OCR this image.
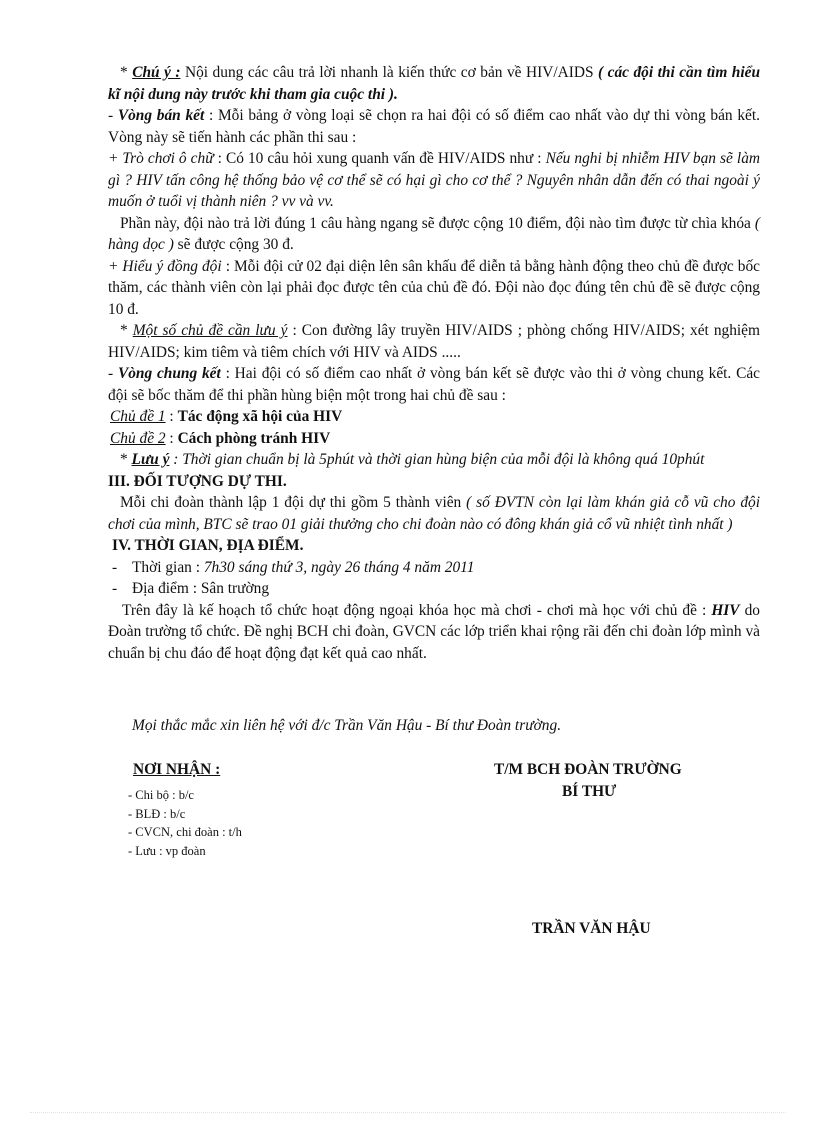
* Chú ý : Nội dung các câu trả lời nhanh là kiến thức cơ bản về HIV/AIDS ( các đội thi cần tìm hiểu kĩ nội dung này trước khi tham gia cuộc thi ).

- Vòng bán kết : Mỗi bảng ở vòng loại sẽ chọn ra hai đội có số điểm cao nhất vào dự thi vòng bán kết. Vòng này sẽ tiến hành các phần thi sau :

+ Trò chơi ô chữ : Có 10 câu hỏi xung quanh vấn đề HIV/AIDS như : Nếu nghi bị nhiễm HIV bạn sẽ làm gì ? HIV tấn công hệ thống bảo vệ cơ thể sẽ có hại gì cho cơ thể ? Nguyên nhân dẫn đến có thai ngoài ý muốn ở tuổi vị thành niên ? vv và vv.

Phần này, đội nào trả lời đúng 1 câu hàng ngang sẽ được cộng 10 điểm, đội nào tìm được từ chìa khóa ( hàng dọc ) sẽ được cộng 30 đ.

+ Hiểu ý đồng đội : Mỗi đội cử 02 đại diện lên sân khấu để diễn tả bằng hành động theo chủ đề được bốc thăm, các thành viên còn lại phải đọc được tên của chủ đề đó. Đội nào đọc đúng tên chủ đề sẽ được cộng 10 đ.

* Một số chủ đề cần lưu ý : Con đường lây truyền HIV/AIDS ; phòng chống HIV/AIDS; xét nghiệm HIV/AIDS; kim tiêm và tiêm chích với HIV và AIDS .....

- Vòng chung kết : Hai đội có số điểm cao nhất ở vòng bán kết sẽ được vào thi ở vòng chung kết. Các đội sẽ bốc thăm để thi phần hùng biện một trong hai chủ đề sau :

Chủ đề 1 : Tác động xã hội của HIV

Chủ đề 2 : Cách phòng tránh HIV

* Lưu ý : Thời gian chuẩn bị là 5phút và thời gian hùng biện của mỗi đội là không quá 10phút

III. ĐỐI TƯỢNG DỰ THI.

Mỗi chi đoàn thành lập 1 đội dự thi gồm 5 thành viên ( số ĐVTN còn lại làm khán giả cỗ vũ cho đội chơi của mình, BTC sẽ trao 01 giải thưởng cho chi đoàn nào có đông khán giả cổ vũ nhiệt tình nhất )

IV. THỜI GIAN, ĐỊA ĐIỂM.

- Thời gian : 7h30 sáng thứ 3, ngày 26 tháng 4 năm 2011

- Địa điểm : Sân trường

Trên đây là kế hoạch tổ chức hoạt động ngoại khóa học mà chơi - chơi mà học với chủ đề : HIV do Đoàn trường tổ chức. Đề nghị BCH chi đoàn, GVCN các lớp triển khai rộng rãi đến chi đoàn lớp mình và chuẩn bị chu đáo để hoạt động đạt kết quả cao nhất.

Mọi thắc mắc xin liên hệ với đ/c Trần Văn Hậu - Bí thư Đoàn trường.
NƠI NHẬN :
- Chi bộ : b/c
- BLĐ : b/c
- CVCN, chi đoàn : t/h
- Lưu : vp đoàn
T/M BCH ĐOÀN TRƯỜNG
BÍ THƯ
TRẦN VĂN HẬU
